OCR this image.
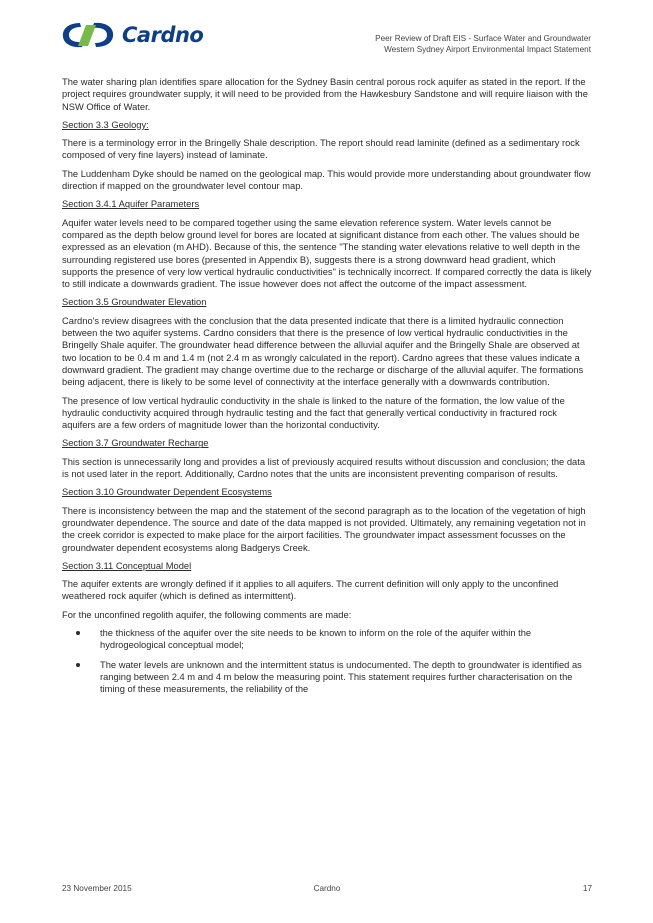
Cardno	Peer Review of Draft EIS - Surface Water and Groundwater
Western Sydney Airport Environmental Impact Statement

The water sharing plan identifies spare allocation for the Sydney Basin central porous rock aquifer as stated in the report. If the project requires groundwater supply, it will need to be provided from the Hawkesbury Sandstone and will require liaison with the NSW Office of Water.

Section 3.3 Geology:

There is a terminology error in the Bringelly Shale description. The report should read laminite (defined as a sedimentary rock composed of very fine layers) instead of laminate.

The Luddenham Dyke should be named on the geological map. This would provide more understanding about groundwater flow direction if mapped on the groundwater level contour map.

Section 3.4.1 Aquifer Parameters

Aquifer water levels need to be compared together using the same elevation reference system. Water levels cannot be compared as the depth below ground level for bores are located at significant distance from each other. The values should be expressed as an elevation (m AHD). Because of this, the sentence "The standing water elevations relative to well depth in the surrounding registered use bores (presented in Appendix B), suggests there is a strong downward head gradient, which supports the presence of very low vertical hydraulic conductivities" is technically incorrect. If compared correctly the data is likely to still indicate a downwards gradient. The issue however does not affect the outcome of the impact assessment.

Section 3.5 Groundwater Elevation

Cardno's review disagrees with the conclusion that the data presented indicate that there is a limited hydraulic connection between the two aquifer systems. Cardno considers that there is the presence of low vertical hydraulic conductivities in the Bringelly Shale aquifer. The groundwater head difference between the alluvial aquifer and the Bringelly Shale are observed at two location to be 0.4 m and 1.4 m (not 2.4 m as wrongly calculated in the report). Cardno agrees that these values indicate a downward gradient. The gradient may change overtime due to the recharge or discharge of the alluvial aquifer. The formations being adjacent, there is likely to be some level of connectivity at the interface generally with a downwards contribution.

The presence of low vertical hydraulic conductivity in the shale is linked to the nature of the formation, the low value of the hydraulic conductivity acquired through hydraulic testing and the fact that generally vertical conductivity in fractured rock aquifers are a few orders of magnitude lower than the horizontal conductivity.

Section 3.7 Groundwater Recharge

This section is unnecessarily long and provides a list of previously acquired results without discussion and conclusion; the data is not used later in the report. Additionally, Cardno notes that the units are inconsistent preventing comparison of results.

Section 3.10 Groundwater Dependent Ecosystems

There is inconsistency between the map and the statement of the second paragraph as to the location of the vegetation of high groundwater dependence. The source and date of the data mapped is not provided. Ultimately, any remaining vegetation not in the creek corridor is expected to make place for the airport facilities. The groundwater impact assessment focusses on the groundwater dependent ecosystems along Badgerys Creek.

Section 3.11 Conceptual Model

The aquifer extents are wrongly defined if it applies to all aquifers. The current definition will only apply to the unconfined weathered rock aquifer (which is defined as intermittent).

For the unconfined regolith aquifer, the following comments are made:

the thickness of the aquifer over the site needs to be known to inform on the role of the aquifer within the hydrogeological conceptual model;
The water levels are unknown and the intermittent status is undocumented. The depth to groundwater is identified as ranging between 2.4 m and 4 m below the measuring point. This statement requires further characterisation on the timing of these measurements, the reliability of the
23 November 2015	Cardno	17
